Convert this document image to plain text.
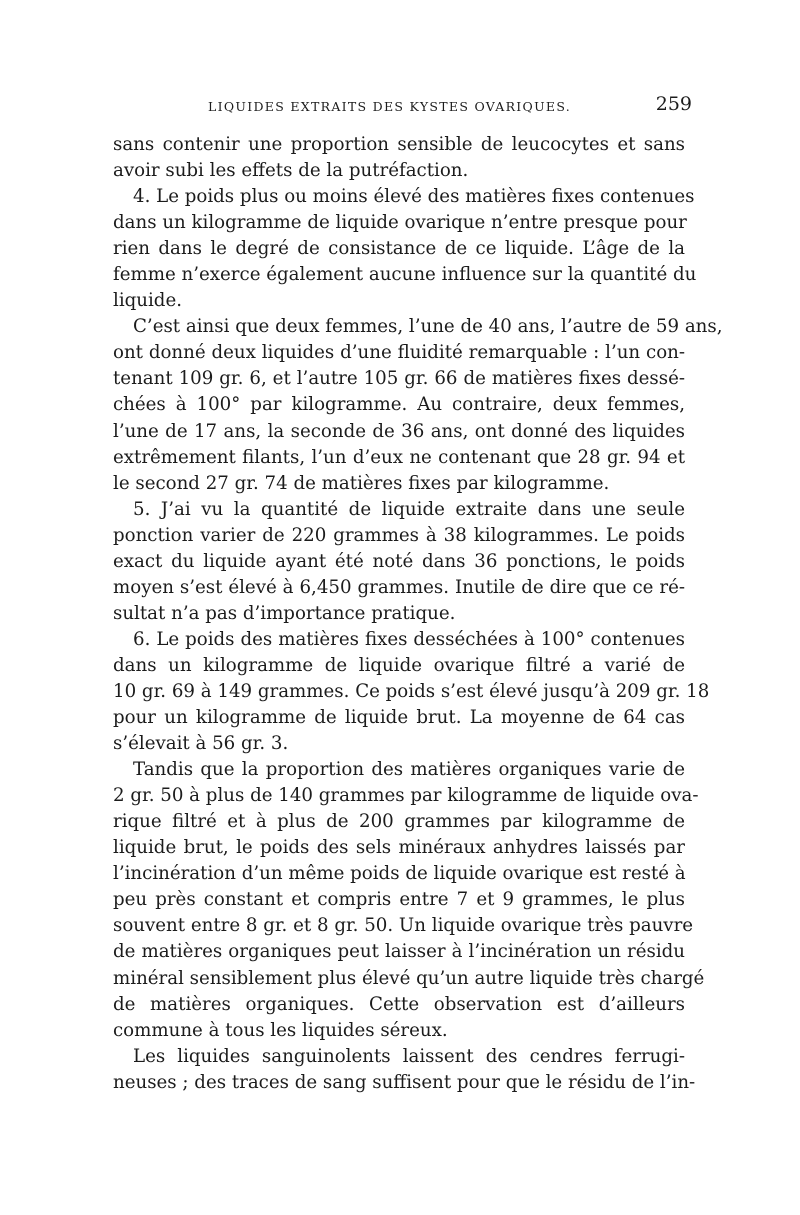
LIQUIDES EXTRAITS DES KYSTES OVARIQUES.	259
sans contenir une proportion sensible de leucocytes et sans
avoir subi les effets de la putréfaction.
4. Le poids plus ou moins élevé des matières fixes contenues
dans un kilogramme de liquide ovarique n’entre presque pour
rien dans le degré de consistance de ce liquide. L’âge de la
femme n’exerce également aucune influence sur la quantité du
liquide.
C’est ainsi que deux femmes, l’une de 40 ans, l’autre de 59 ans,
ont donné deux liquides d’une fluidité remarquable : l’un con-
tenant 109 gr. 6, et l’autre 105 gr. 66 de matières fixes dessé-
chées à 100° par kilogramme. Au contraire, deux femmes,
l’une de 17 ans, la seconde de 36 ans, ont donné des liquides
extrêmement filants, l’un d’eux ne contenant que 28 gr. 94 et
le second 27 gr. 74 de matières fixes par kilogramme.
5. J’ai vu la quantité de liquide extraite dans une seule
ponction varier de 220 grammes à 38 kilogrammes. Le poids
exact du liquide ayant été noté dans 36 ponctions, le poids
moyen s’est élevé à 6,450 grammes. Inutile de dire que ce ré-
sultat n’a pas d’importance pratique.
6. Le poids des matières fixes desséchées à 100° contenues
dans un kilogramme de liquide ovarique filtré a varié de
10 gr. 69 à 149 grammes. Ce poids s’est élevé jusqu’à 209 gr. 18
pour un kilogramme de liquide brut. La moyenne de 64 cas
s’élevait à 56 gr. 3.
Tandis que la proportion des matières organiques varie de
2 gr. 50 à plus de 140 grammes par kilogramme de liquide ova-
rique filtré et à plus de 200 grammes par kilogramme de
liquide brut, le poids des sels minéraux anhydres laissés par
l’incinération d’un même poids de liquide ovarique est resté à
peu près constant et compris entre 7 et 9 grammes, le plus
souvent entre 8 gr. et 8 gr. 50. Un liquide ovarique très pauvre
de matières organiques peut laisser à l’incinération un résidu
minéral sensiblement plus élevé qu’un autre liquide très chargé
de matières organiques. Cette observation est d’ailleurs
commune à tous les liquides séreux.
Les liquides sanguinolents laissent des cendres ferrugi-
neuses ; des traces de sang suffisent pour que le résidu de l’in-
